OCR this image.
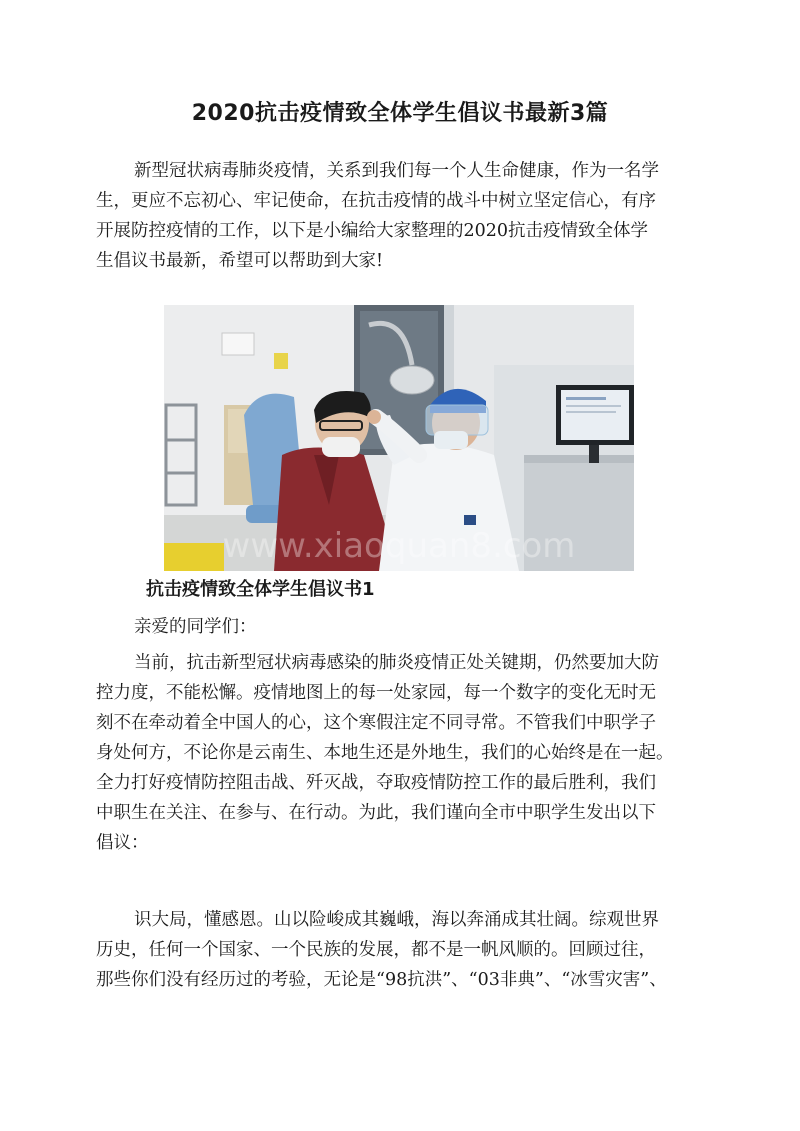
2020抗击疫情致全体学生倡议书最新3篇

新型冠状病毒肺炎疫情，关系到我们每一个人生命健康，作为一名学
生，更应不忘初心、牢记使命，在抗击疫情的战斗中树立坚定信心，有序
开展防控疫情的工作，以下是小编给大家整理的2020抗击疫情致全体学
生倡议书最新，希望可以帮助到大家!

www.xiaoquan8.com
抗击疫情致全体学生倡议书1

亲爱的同学们：

当前，抗击新型冠状病毒感染的肺炎疫情正处关键期，仍然要加大防
控力度，不能松懈。疫情地图上的每一处家园，每一个数字的变化无时无
刻不在牵动着全中国人的心，这个寒假注定不同寻常。不管我们中职学子
身处何方，不论你是云南生、本地生还是外地生，我们的心始终是在一起。
全力打好疫情防控阻击战、歼灭战，夺取疫情防控工作的最后胜利，我们
中职生在关注、在参与、在行动。为此，我们谨向全市中职学生发出以下
倡议：

识大局，懂感恩。山以险峻成其巍峨，海以奔涌成其壮阔。综观世界
历史，任何一个国家、一个民族的发展，都不是一帆风顺的。回顾过往，
那些你们没有经历过的考验，无论是“98抗洪”、“03非典”、“冰雪灾害”、
